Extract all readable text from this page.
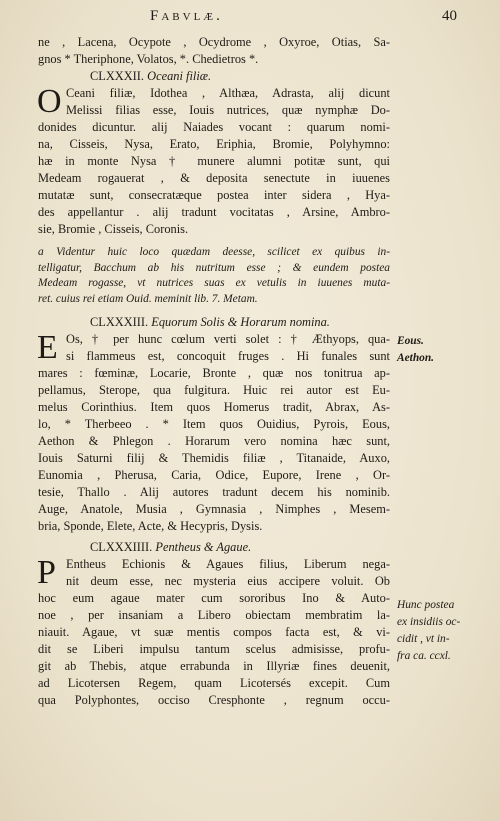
Fabvlæ.	40
ne , Lacena, Ocypote , Ocydrome , Oxyroe, Otias, Sa-
gnos * Theriphone, Volatos, *. Chedietros *.
CLXXXII. Oceani filiæ.
O Ceani filiæ, Idothea , Althæa, Adrasta, alij dicunt
Melissi filias esse, Iouis nutrices, quæ nymphæ Do-
donides dicuntur. alij Naiades vocant : quarum nomi-
na, Cisseis, Nysa, Erato, Eriphia, Bromie, Polyhymno:
hæ in monte Nysa † munere alumni potitæ sunt, qui
Medeam rogauerat , & deposita senectute in iuuenes
mutatæ sunt, consecratæque postea inter sidera , Hya-
des appellantur . alij tradunt vocitatas , Arsine, Ambro-
sie, Bromie , Cisseis, Coronis.
a Videntur huic loco quædam deesse, scilicet ex quibus in-
telligatur, Bacchum ab his nutritum esse ; & eundem postea
Medeam rogasse, vt nutrices suas ex vetulis in iuuenes muta-
ret. cuius rei etiam Ouid. meminit lib. 7. Metam.
CLXXXIII. Equorum Solis & Horarum nomina.
E Os, † per hunc cœlum verti solet : † Æthyops, qua-
si flammeus est, concoquit fruges . Hi funales sunt
mares : fœminæ, Locarie, Bronte , quæ nos tonitrua ap-
pellamus, Sterope, qua fulgitura. Huic rei autor est Eu-
melus Corinthius. Item quos Homerus tradit, Abrax, As-
lo, * Therbeeo . * Item quos Ouidius, Pyrois, Eous,
Aethon & Phlegon . Horarum vero nomina hæc sunt,
Iouis Saturni filij & Themidis filiæ , Titanaide, Auxo,
Eunomia , Pherusa, Caria, Odice, Eupore, Irene , Or-
tesie, Thallo . Alij autores tradunt decem his nominib.
Auge, Anatole, Musia , Gymnasia , Nimphes , Mesem-
bria, Sponde, Elete, Acte, & Hecypris, Dysis.
CLXXXIIII. Pentheus & Agaue.
P Entheus Echionis & Agaues filius, Liberum nega-
nit deum esse, nec mysteria eius accipere voluit. Ob
hoc eum agaue mater cum sororibus Ino & Auto-
noe , per insaniam a Libero obiectam membratim la-
niauit. Agaue, vt suæ mentis compos facta est, & vi-
dit se Liberi impulsu tantum scelus admisisse, profu-
git ab Thebis, atque errabunda in Illyriæ fines deuenit,
ad Licotersen Regem, quam Licotersés excepit. Cum
qua Polyphontes, occiso Cresphonte , regnum occu-
Eous.
Aethon.
Hunc postea
ex insidiis oc-
cidit , vt in-
fra ca. ccxl.
